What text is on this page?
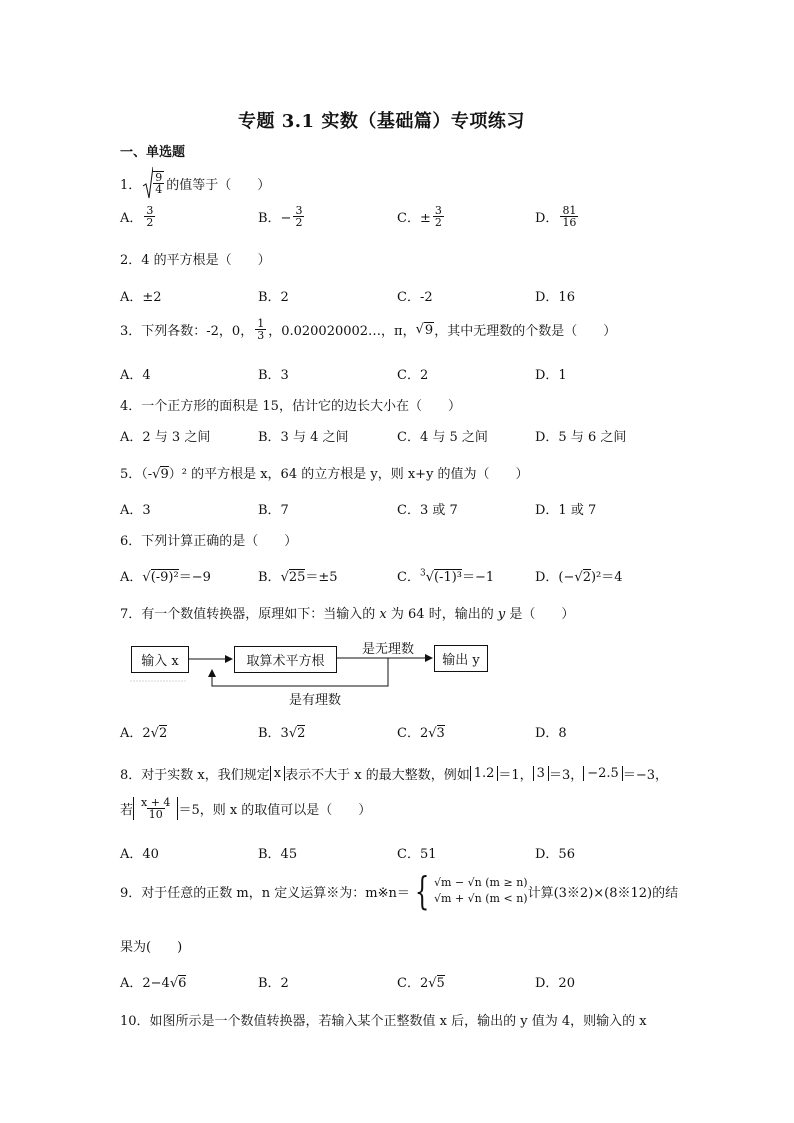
专题 3.1 实数（基础篇）专项练习
一、单选题
1． $\frac{9}{4}$ 的值等于（　　）
A． $\frac{3}{2}$	B．− $\frac{3}{2}$	C．± $\frac{3}{2}$	D． $\frac{81}{16}$
2．4 的平方根是（　　）
A．±2	B．2	C．-2	D．16
3．下列各数：-2，0， $\frac{1}{3}$ ，0.020020002…，π， √ 9 ，其中无理数的个数是（　　）
A．4	B．3	C．2	D．1
4．一个正方形的面积是 15，估计它的边长大小在（　　）
A．2 与 3 之间	B．3 与 4 之间	C．4 与 5 之间	D．5 与 6 之间
5．（-√9）² 的平方根是 x，64 的立方根是 y，则 x+y 的值为（　　）
A．3	B．7	C．3 或 7	D．1 或 7
6．下列计算正确的是（　　）
A．√(-9)²＝−9	B．√25＝±5	C．$^3$√(-1)³＝−1	D．(−√2)²＝4
7．有一个数值转换器，原理如下：当输入的 x 为 64 时，输出的 y 是（　　）
输入 x	取算术平方根	输出 y
是无理数
是有理数
A．2√2	B．3√2	C．2√3	D．8
8．对于实数 x，我们规定 x 表示不大于 x 的最大整数，例如 1.2 ＝1， 3 ＝3， −2.5 ＝−3，
若 $\frac{x + 4}{10} =5$，则 x 的取值可以是（　　）
A．40	B．45	C．51	D．56
9．对于任意的正数 m，n 定义运算※为：m※n＝ { √m − √n (m ≥ n)
√m + √n (m < n) 计算(3※2)×(8※12)的结
果为(　　)
A．2−4√6	B．2	C．2√5	D．20
10．如图所示是一个数值转换器，若输入某个正整数值 x 后，输出的 y 值为 4，则输入的 x
